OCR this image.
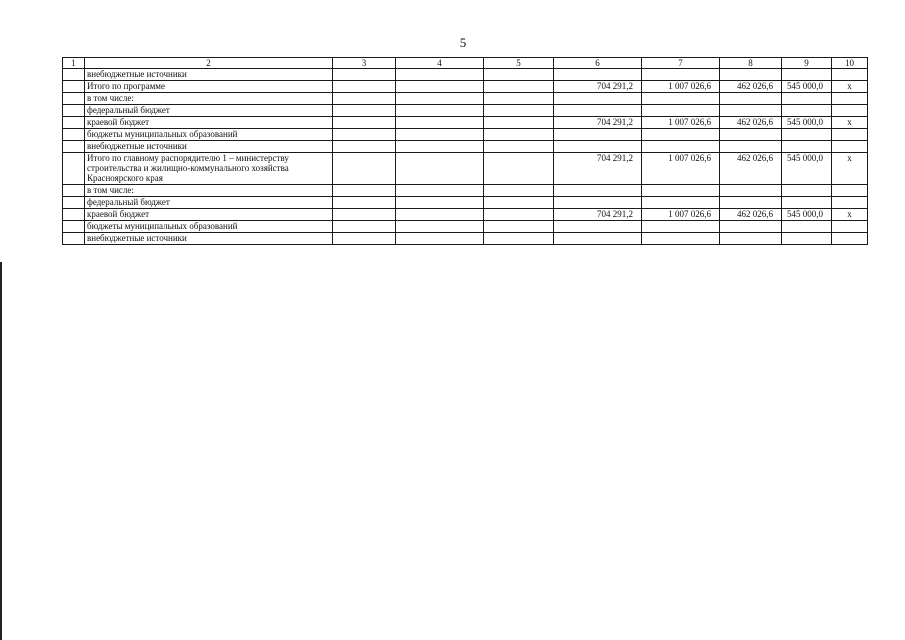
5
1	2	3	4	5	6	7	8	9	10
	внебюджетные источники								
	Итого по программе				704 291,2	1 007 026,6	462 026,6	545 000,0	х
	в том числе:								
	федеральный бюджет								
	краевой бюджет				704 291,2	1 007 026,6	462 026,6	545 000,0	х
	бюджеты муниципальных образований								
	внебюджетные источники								
	Итого по главному распорядителю 1 – министерству строительства и жилищно-коммунального хозяйства Красноярского края				704 291,2	1 007 026,6	462 026,6	545 000,0	х
	в том числе:								
	федеральный бюджет								
	краевой бюджет				704 291,2	1 007 026,6	462 026,6	545 000,0	х
	бюджеты муниципальных образований								
	внебюджетные источники								
